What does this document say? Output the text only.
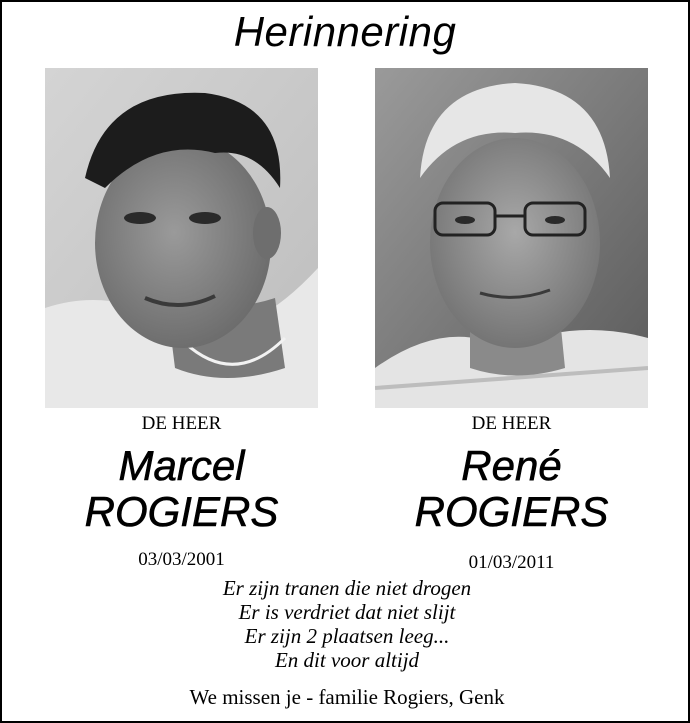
Herinnering
DE HEER
Marcel
ROGIERS
03/03/2001
DE HEER
René
ROGIERS
01/03/2011
Er zijn tranen die niet drogen
Er is verdriet dat niet slijt
Er zijn 2 plaatsen leeg...
En dit voor altijd
We missen je - familie Rogiers, Genk
